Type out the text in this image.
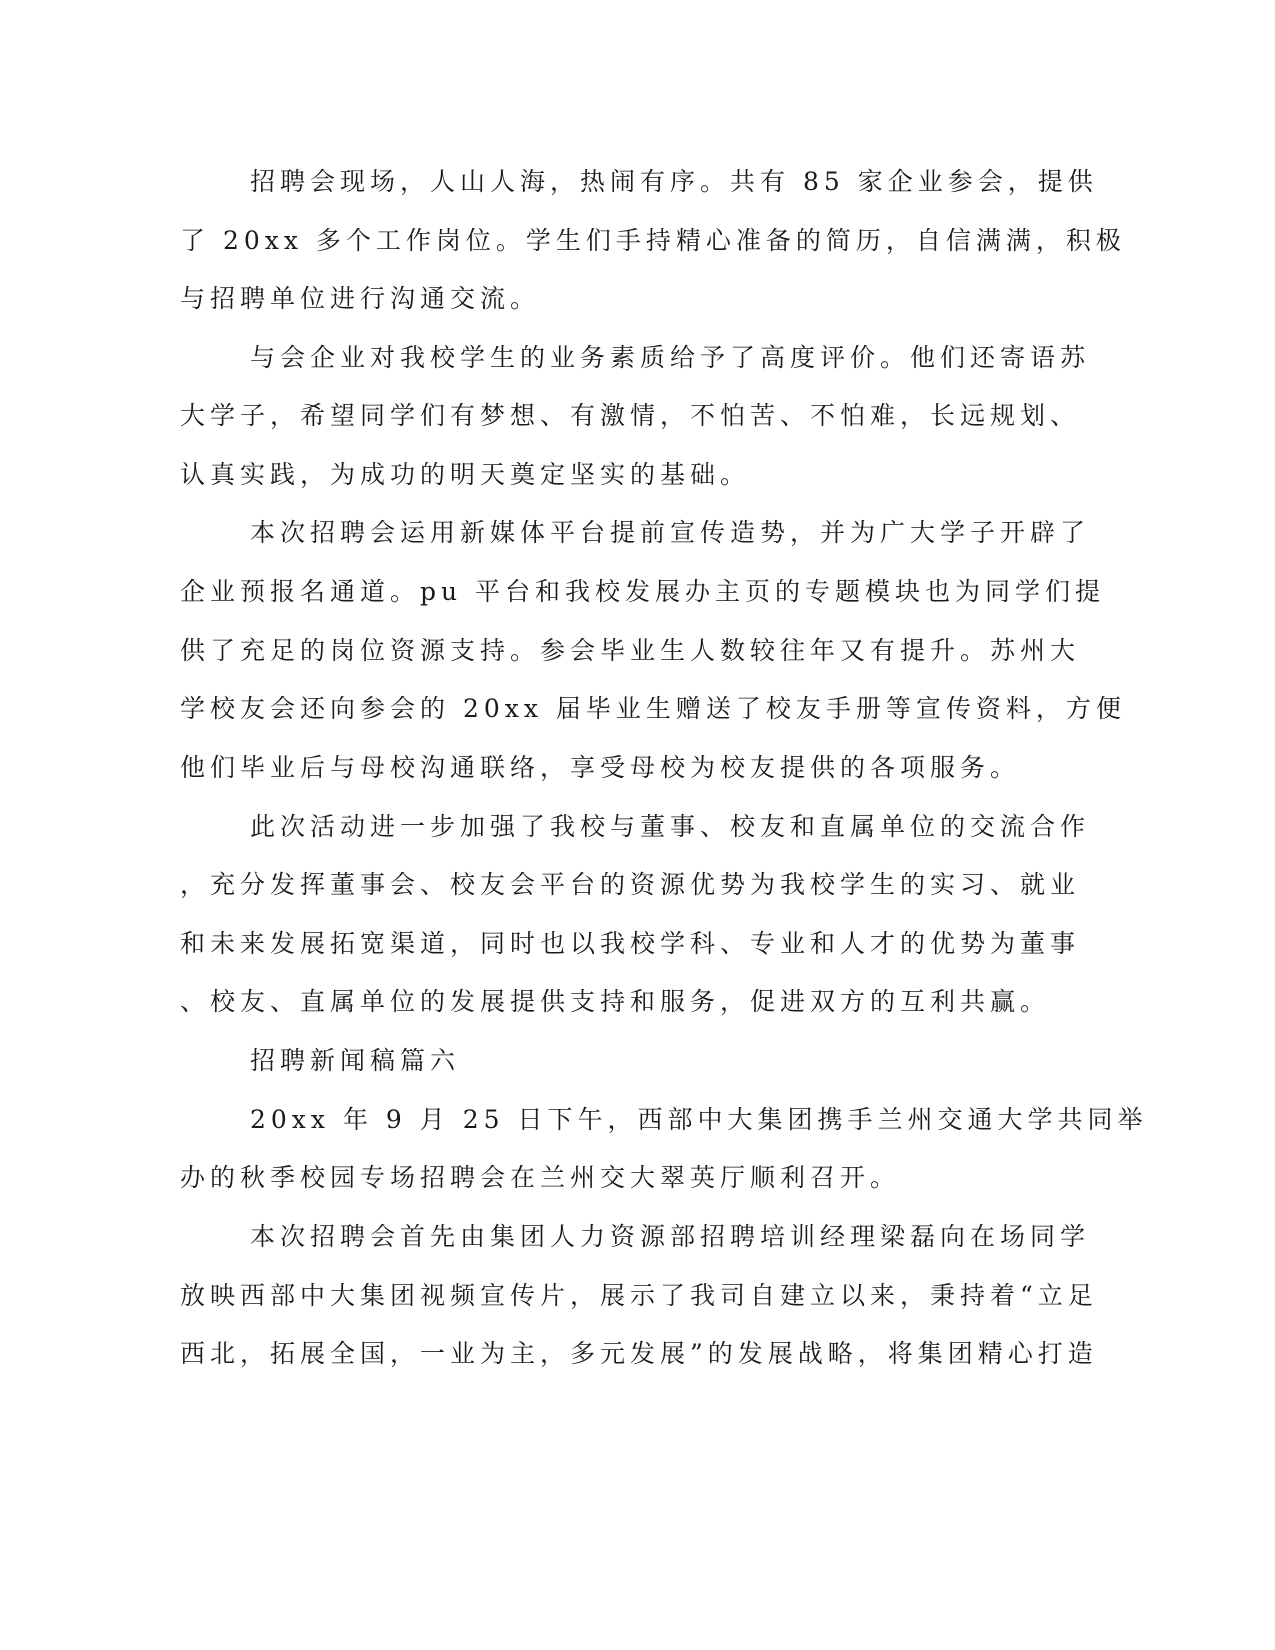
招聘会现场，人山人海，热闹有序。共有 85 家企业参会，提供
了 20xx 多个工作岗位。学生们手持精心准备的简历，自信满满，积极
与招聘单位进行沟通交流。
与会企业对我校学生的业务素质给予了高度评价。他们还寄语苏
大学子，希望同学们有梦想、有激情，不怕苦、不怕难，长远规划、
认真实践，为成功的明天奠定坚实的基础。
本次招聘会运用新媒体平台提前宣传造势，并为广大学子开辟了
企业预报名通道。pu 平台和我校发展办主页的专题模块也为同学们提
供了充足的岗位资源支持。参会毕业生人数较往年又有提升。苏州大
学校友会还向参会的 20xx 届毕业生赠送了校友手册等宣传资料，方便
他们毕业后与母校沟通联络，享受母校为校友提供的各项服务。
此次活动进一步加强了我校与董事、校友和直属单位的交流合作
，充分发挥董事会、校友会平台的资源优势为我校学生的实习、就业
和未来发展拓宽渠道，同时也以我校学科、专业和人才的优势为董事
、校友、直属单位的发展提供支持和服务，促进双方的互利共赢。
招聘新闻稿篇六
20xx 年 9 月 25 日下午，西部中大集团携手兰州交通大学共同举
办的秋季校园专场招聘会在兰州交大翠英厅顺利召开。
本次招聘会首先由集团人力资源部招聘培训经理梁磊向在场同学
放映西部中大集团视频宣传片，展示了我司自建立以来，秉持着“立足
西北，拓展全国，一业为主，多元发展”的发展战略，将集团精心打造
